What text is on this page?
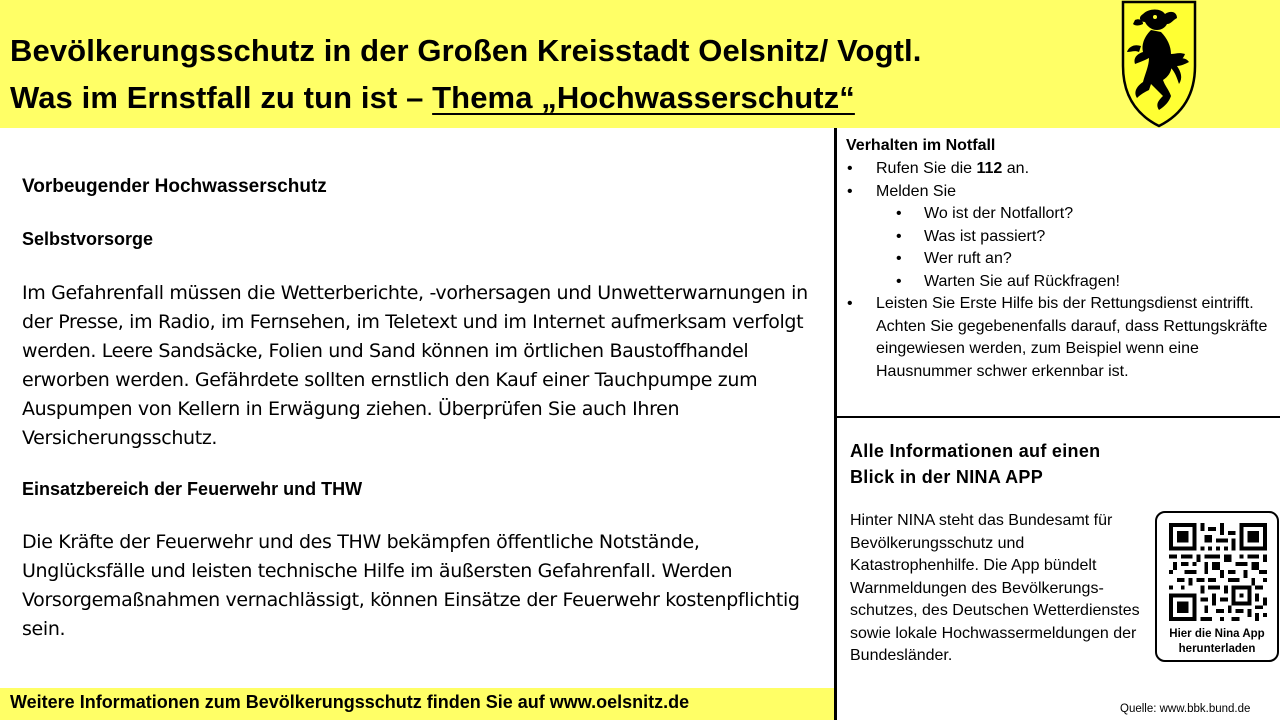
Bevölkerungsschutz in der Großen Kreisstadt Oelsnitz/ Vogtl.
Was im Ernstfall zu tun ist – Thema „Hochwasserschutz“
Vorbeugender Hochwasserschutz
Selbstvorsorge
Im Gefahrenfall müssen die Wetterberichte, -vorhersagen und Unwetterwarnungen in der Presse, im Radio, im Fernsehen, im Teletext und im Internet aufmerksam verfolgt werden. Leere Sandsäcke, Folien und Sand können im örtlichen Baustoffhandel erworben werden. Gefährdete sollten ernstlich den Kauf einer Tauchpumpe zum Auspumpen von Kellern in Erwägung ziehen. Überprüfen Sie auch Ihren Versicherungsschutz.
Einsatzbereich der Feuerwehr und THW
Die Kräfte der Feuerwehr und des THW bekämpfen öffentliche Notstände, Unglücksfälle und leisten technische Hilfe im äußersten Gefahrenfall. Werden Vorsorgemaßnahmen vernachlässigt, können Einsätze der Feuerwehr kostenpflichtig sein.
Weitere Informationen zum Bevölkerungsschutz finden Sie auf www.oelsnitz.de
Verhalten im Notfall
• Rufen Sie die 112 an.
• Melden Sie
• Wo ist der Notfallort?
• Was ist passiert?
• Wer ruft an?
• Warten Sie auf Rückfragen!
• Leisten Sie Erste Hilfe bis der Rettungsdienst eintrifft. Achten Sie gegebenenfalls darauf, dass Rettungskräfte eingewiesen werden, zum Beispiel wenn eine Hausnummer schwer erkennbar ist.
Alle Informationen auf einen
Blick in der NINA APP
Hinter NINA steht das Bundesamt für Bevölkerungsschutz und Katastrophenhilfe. Die App bündelt Warnmeldungen des Bevölkerungs-schutzes, des Deutschen Wetterdienstes sowie lokale Hochwassermeldungen der Bundesländer.
Hier die Nina App
herunterladen
Quelle: www.bbk.bund.de
